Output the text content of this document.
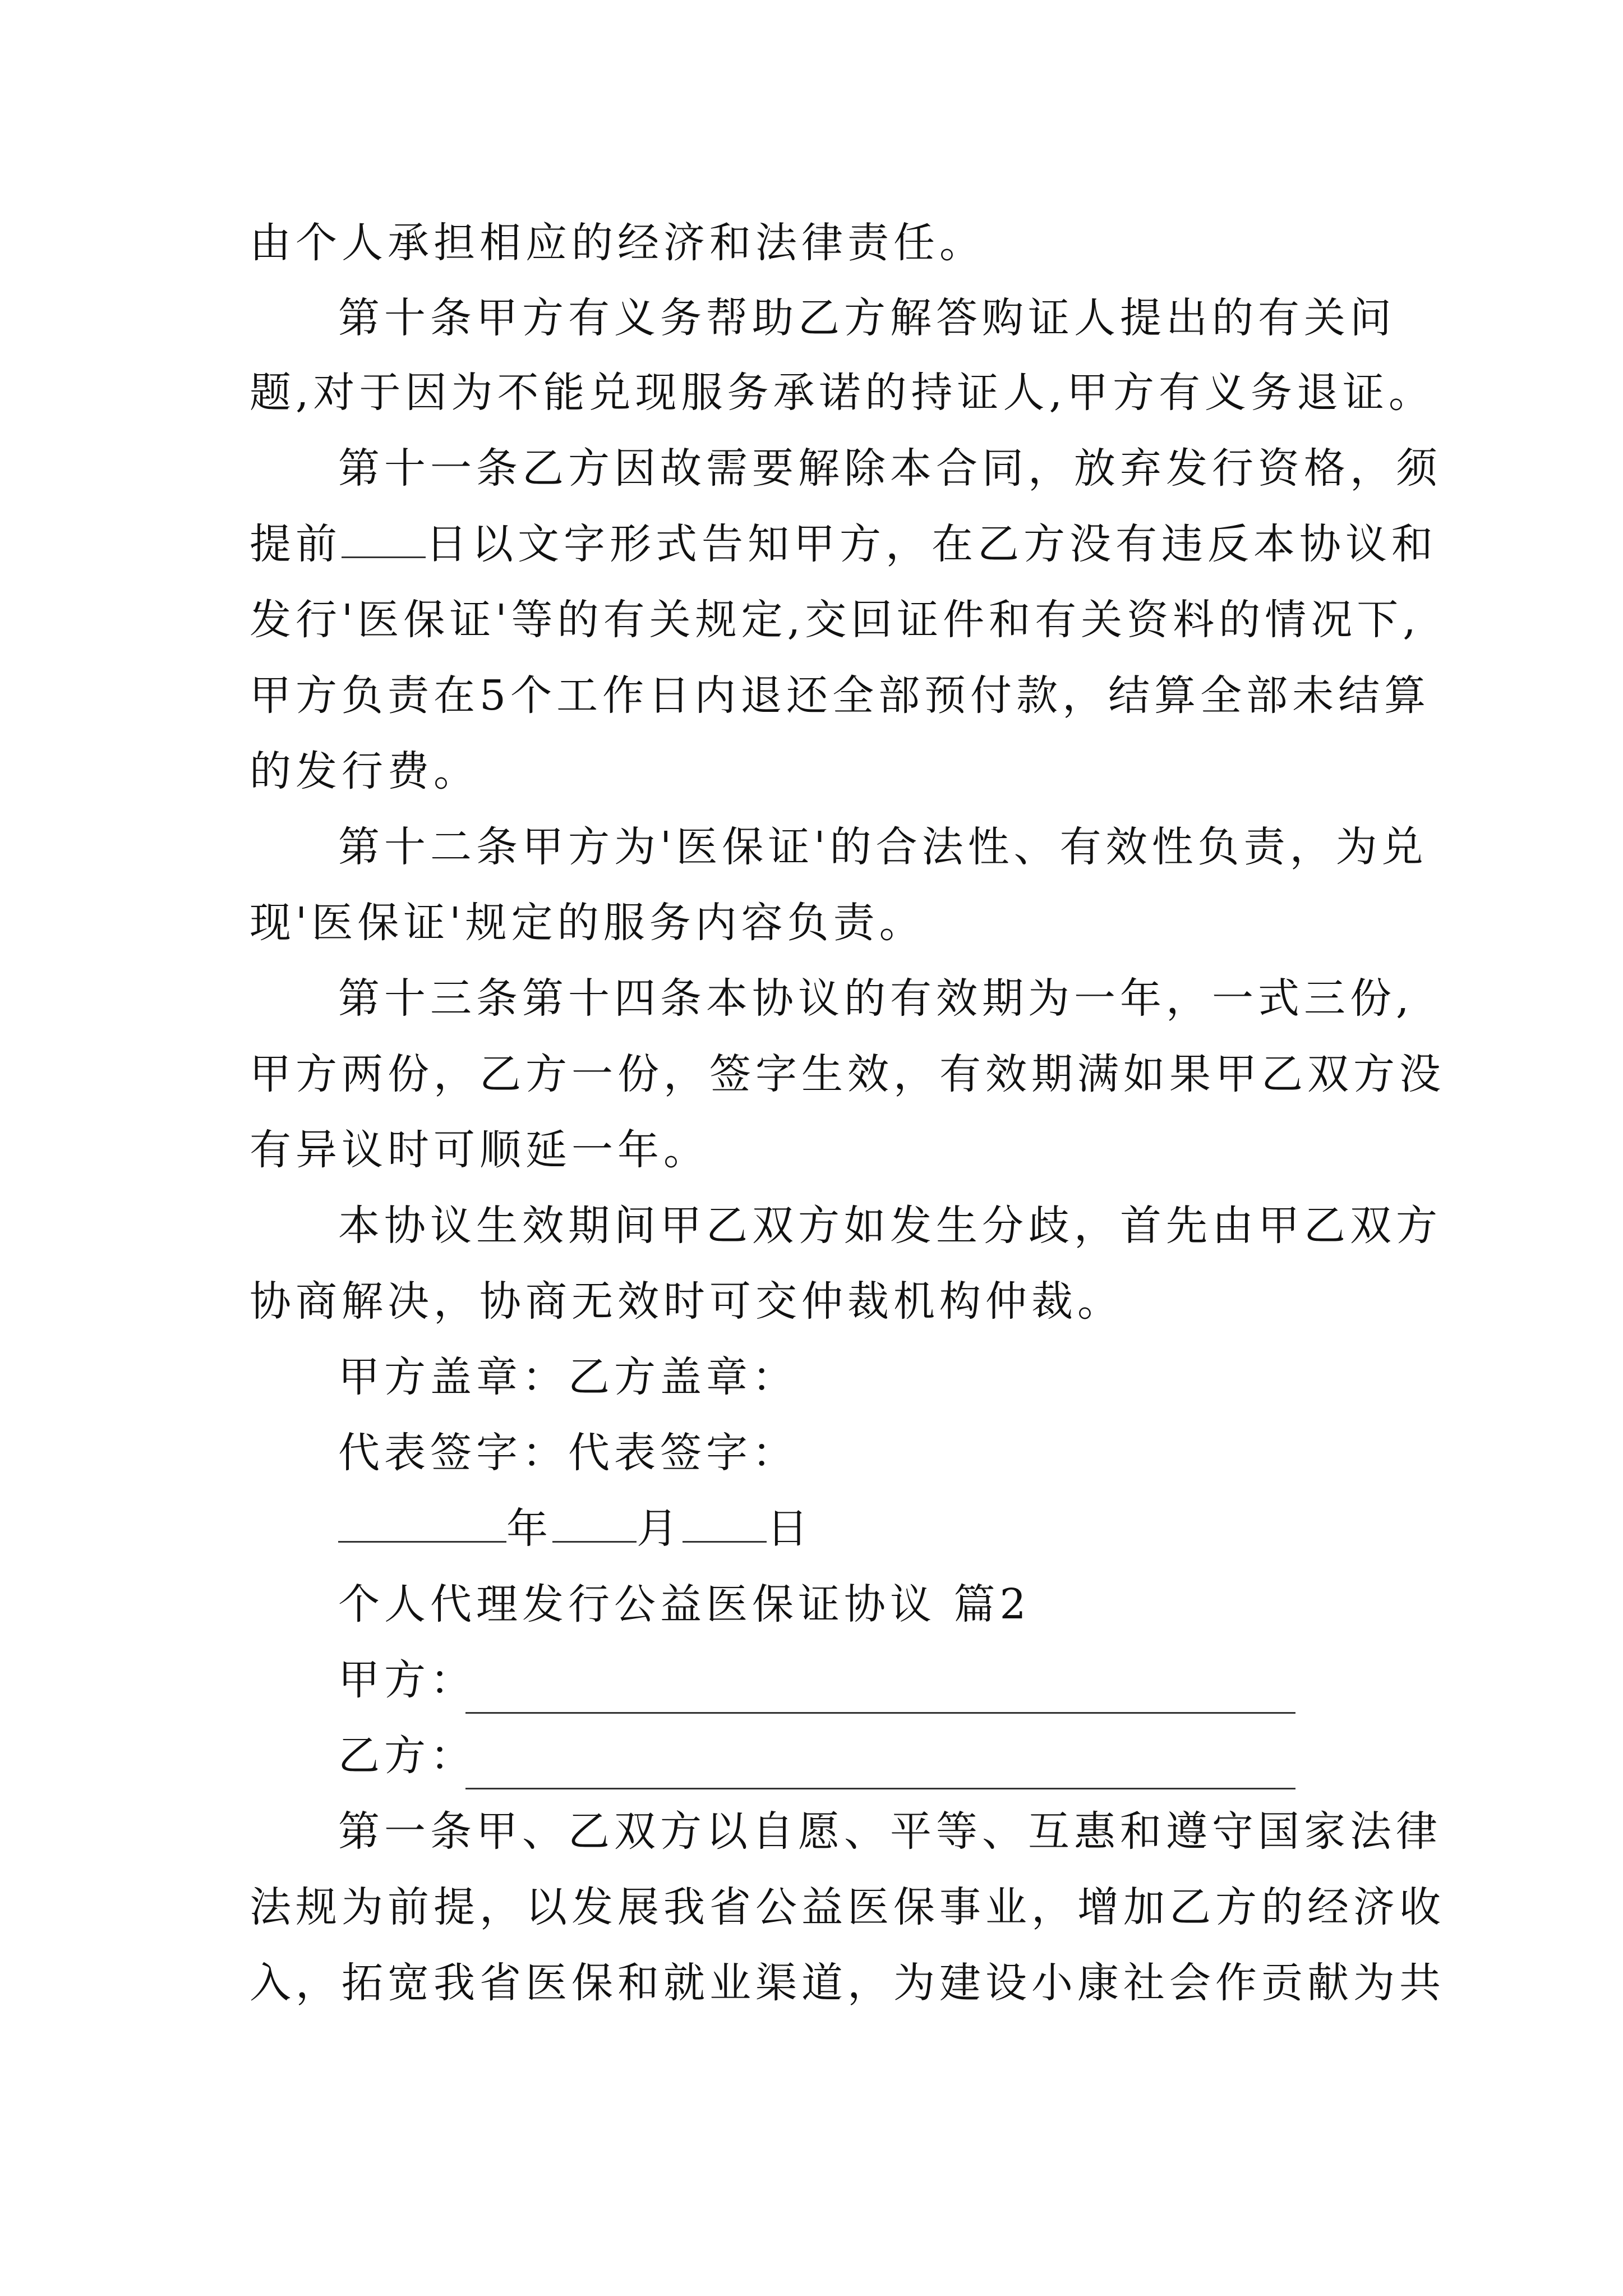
由个人承担相应的经济和法律责任。
第十条甲方有义务帮助乙方解答购证人提出的有关问
题,对于因为不能兑现服务承诺的持证人,甲方有义务退证。
第十一条乙方因故需要解除本合同，放弃发行资格，须
提前 日以文字形式告知甲方，在乙方没有违反本协议和
发行'医保证'等的有关规定,交回证件和有关资料的情况下,
甲方负责在5个工作日内退还全部预付款，结算全部未结算
的发行费。
第十二条甲方为'医保证'的合法性、有效性负责，为兑
现'医保证'规定的服务内容负责。
第十三条第十四条本协议的有效期为一年，一式三份,
甲方两份，乙方一份，签字生效，有效期满如果甲乙双方没
有异议时可顺延一年。
本协议生效期间甲乙双方如发生分歧，首先由甲乙双方
协商解决，协商无效时可交仲裁机构仲裁。
甲方盖章：乙方盖章：
代表签字：代表签字：
年 月 日
个人代理发行公益医保证协议 篇2
甲方：
乙方：
第一条甲、乙双方以自愿、平等、互惠和遵守国家法律
法规为前提，以发展我省公益医保事业，增加乙方的经济收
入，拓宽我省医保和就业渠道，为建设小康社会作贡献为共
